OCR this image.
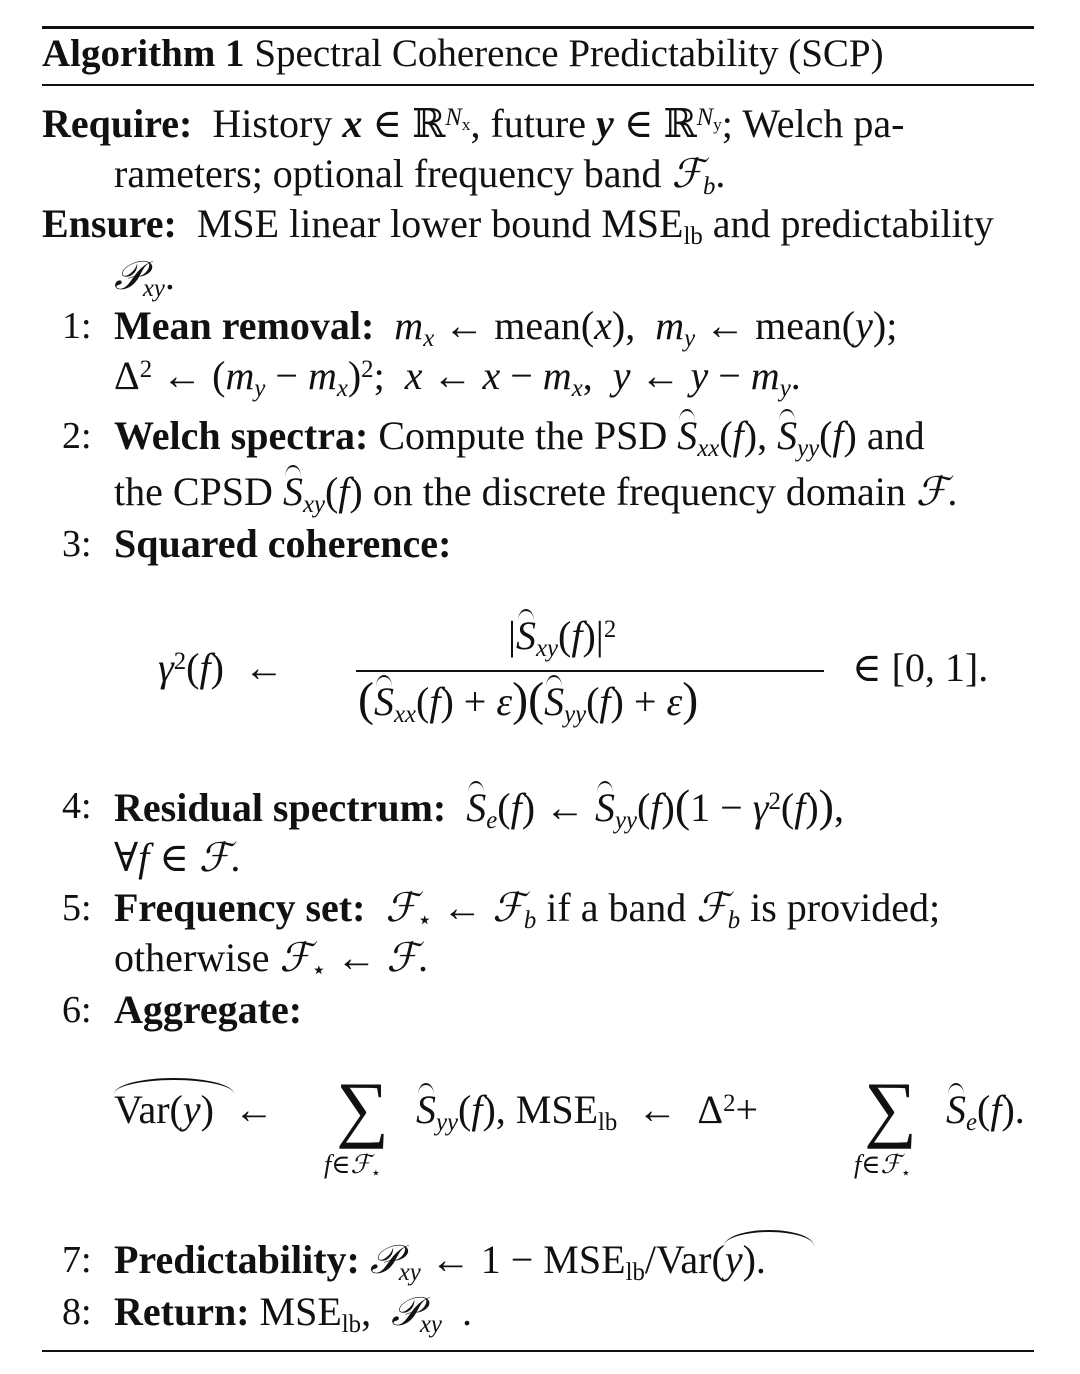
Algorithm 1 Spectral Coherence Predictability (SCP)
Require: History x ∈ ℝ$^{N_x}$, future y ∈ ℝ$^{N_y}$; Welch pa-
rameters; optional frequency band ℱ$_b$.
Ensure: MSE linear lower bound $MSE_{lb}$ and predictability
𝒫$_{xy}$.
1: Mean removal: $m_x$ ← mean(x),  $m_y$ ← mean(y);
$\Delta^2$ ← $(m_y - m_x)^2$;  x ← $x - m_x$,  y ← $y - m_y$.
2: Welch spectra: Compute the PSD $S_{xx}(f)$, $S_{yy}(f)$ and
the CPSD $S_{xy}(f)$ on the discrete frequency domain ℱ.
3: Squared coherence:
$\gamma^2(f)$  ←
$|S_{xy}(f)|^2$
$(S_{xx}(f) + \varepsilon)(S_{yy}(f) + \varepsilon)$
∈ [0, 1].
4: Residual spectrum: $S_e(f)$ ← $S_{yy}(f)(1 - \gamma^2(f))$,
∀f ∈ ℱ.
5: Frequency set: ℱ$_⋆$ ← ℱ$_b$ if a band ℱ$_b$ is provided;
otherwise ℱ$_⋆$ ← ℱ.
6: Aggregate:
Var(y)  ← ∑
f∈ℱ$_⋆$
$S_{yy}(f)$, $MSE_{lb}$  ←  $\Delta^2+$ ∑
f∈ℱ$_⋆$
$S_e(f)$.
7: Predictability: 𝒫$_{xy}$ ← $1 - MSE_{lb}/Var(y)$.
8: Return: $MSE_{lb}$,  𝒫$_{xy}$  .
